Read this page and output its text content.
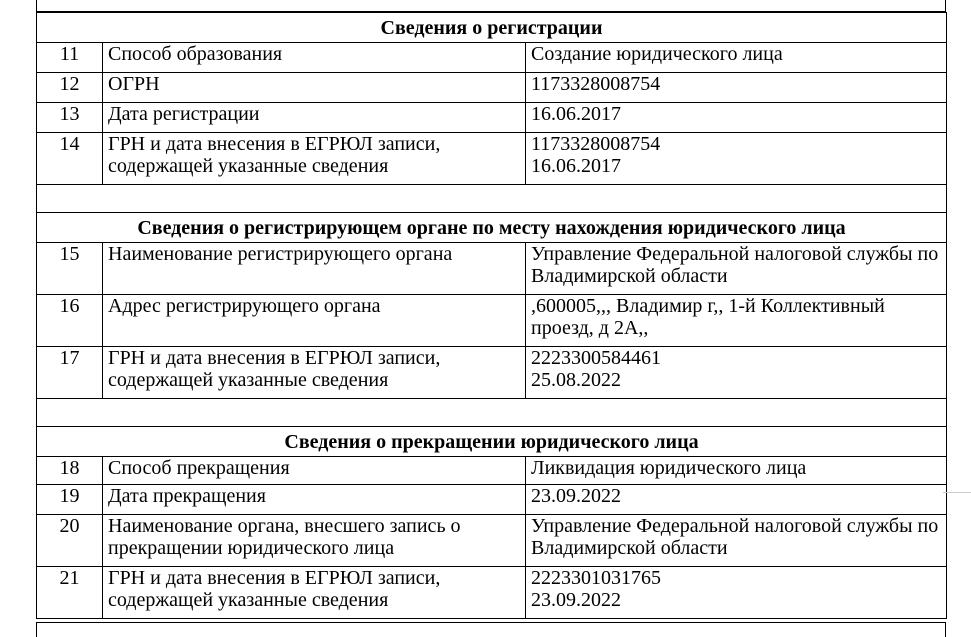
Сведения о регистрации		
11	Способ образования	Создание юридического лица
12	ОГРН	1173328008754
13	Дата регистрации	16.06.2017
14	ГРН и дата внесения в ЕГРЮЛ записи, содержащей указанные сведения	1173328008754
16.06.2017

Сведения о регистрирующем органе по месту нахождения юридического лица		
15	Наименование регистрирующего органа	Управление Федеральной налоговой службы по Владимирской области
16	Адрес регистрирующего органа	,600005,,, Владимир г,, 1-й Коллективный проезд, д 2А,,
17	ГРН и дата внесения в ЕГРЮЛ записи, содержащей указанные сведения	2223300584461
25.08.2022

Сведения о прекращении юридического лица		
18	Способ прекращения	Ликвидация юридического лица
19	Дата прекращения	23.09.2022
20	Наименование органа, внесшего запись о прекращении юридического лица	Управление Федеральной налоговой службы по Владимирской области
21	ГРН и дата внесения в ЕГРЮЛ записи, содержащей указанные сведения	2223301031765
23.09.2022
